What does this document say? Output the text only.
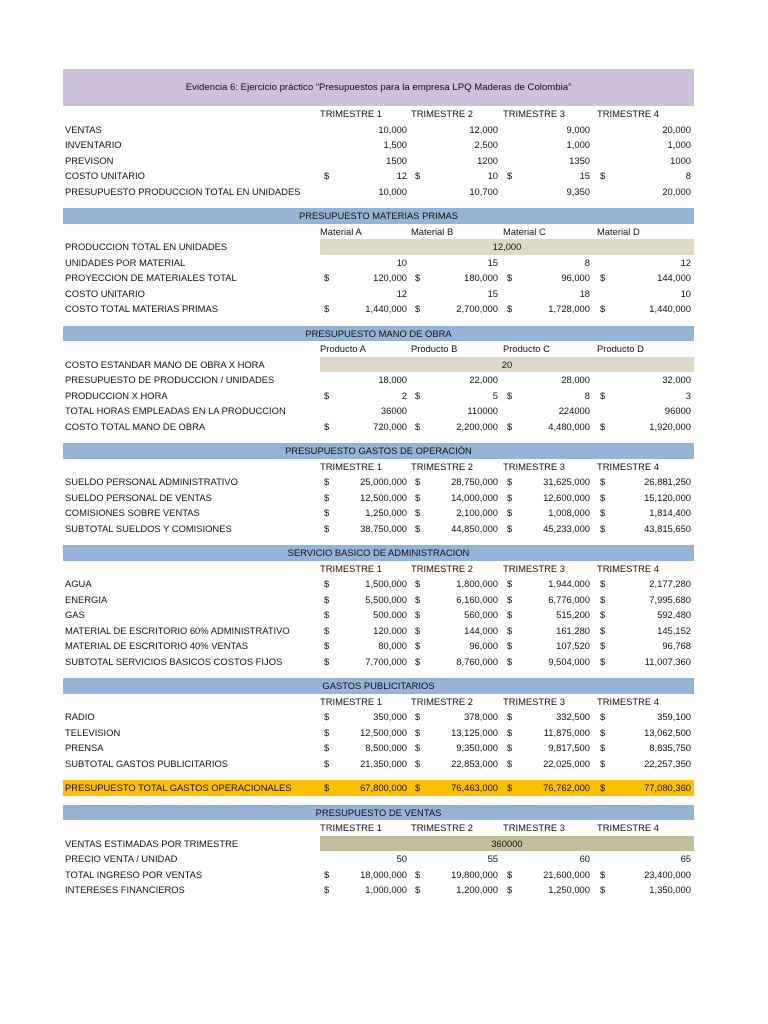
Evidencia 6: Ejercicio práctico “Presupuestos para la empresa LPQ Maderas de Colombia”
TRIMESTRE 1	TRIMESTRE 2	TRIMESTRE 3	TRIMESTRE 4
VENTAS	10,000	12,000	9,000	20,000
INVENTARIO	1,500	2,500	1,000	1,000
PREVISON	1500	1200	1350	1000
COSTO UNITARIO	$	12 $	10 $	15 $	8
PRESUPUESTO PRODUCCION TOTAL EN UNIDADES	10,000	10,700	9,350	20,000
PRESUPUESTO MATERIAS PRIMAS
Material A	Material B	Material C	Material D
PRODUCCION TOTAL EN UNIDADES	12,000
UNIDADES POR MATERIAL	10	15	8	12
PROYECCION DE MATERIALES TOTAL	$	120,000 $	180,000 $	96,000 $	144,000
COSTO UNITARIO	12	15	18	10
COSTO TOTAL MATERIAS PRIMAS	$	1,440,000 $	2,700,000 $	1,728,000 $	1,440,000
PRESUPUESTO MANO DE OBRA
Producto A	Producto B	Producto C	Producto D
COSTO ESTANDAR MANO DE OBRA X HORA	20
PRESUPUESTO DE PRODUCCION / UNIDADES	18,000	22,000	28,000	32,000
PRODUCCION X HORA	$	2 $	5 $	8 $	3
TOTAL HORAS EMPLEADAS EN LA PRODUCCION	36000	110000	224000	96000
COSTO TOTAL MANO DE OBRA	$	720,000 $	2,200,000 $	4,480,000 $	1,920,000
PRESUPUESTO GASTOS DE OPERACIÓN
TRIMESTRE 1	TRIMESTRE 2	TRIMESTRE 3	TRIMESTRE 4
SUELDO PERSONAL ADMINISTRATIVO	$	25,000,000 $	28,750,000 $	31,625,000 $	26,881,250
SUELDO PERSONAL DE VENTAS	$	12,500,000 $	14,000,000 $	12,600,000 $	15,120,000
COMISIONES SOBRE VENTAS	$	1,250,000 $	2,100,000 $	1,008,000 $	1,814,400
SUBTOTAL SUELDOS Y COMISIONES	$	38,750,000 $	44,850,000 $	45,233,000 $	43,815,650
SERVICIO BASICO DE ADMINISTRACION
TRIMESTRE 1	TRIMESTRE 2	TRIMESTRE 3	TRIMESTRE 4
AGUA	$	1,500,000 $	1,800,000 $	1,944,000 $	2,177,280
ENERGIA	$	5,500,000 $	6,160,000 $	6,776,000 $	7,995,680
GAS	$	500,000 $	560,000 $	515,200 $	592,480
MATERIAL DE ESCRITORIO 60% ADMINISTRATIVO	$	120,000 $	144,000 $	161,280 $	145,152
MATERIAL DE ESCRITORIO 40% VENTAS	$	80,000 $	96,000 $	107,520 $	96,768
SUBTOTAL SERVICIOS BASICOS COSTOS FIJOS	$	7,700,000 $	8,760,000 $	9,504,000 $	11,007,360
GASTOS PUBLICITARIOS
TRIMESTRE 1	TRIMESTRE 2	TRIMESTRE 3	TRIMESTRE 4
RADIO	$	350,000 $	378,000 $	332,500 $	359,100
TELEVISION	$	12,500,000 $	13,125,000 $	11,875,000 $	13,062,500
PRENSA	$	8,500,000 $	9,350,000 $	9,817,500 $	8,835,750
SUBTOTAL GASTOS PUBLICITARIOS	$	21,350,000 $	22,853,000 $	22,025,000 $	22,257,350
PRESUPUESTO TOTAL GASTOS OPERACIONALES	$	67,800,000 $	76,463,000 $	76,762,000 $	77,080,360
PRESUPUESTO DE VENTAS
TRIMESTRE 1	TRIMESTRE 2	TRIMESTRE 3	TRIMESTRE 4
VENTAS ESTIMADAS POR TRIMESTRE	360000
PRECIO VENTA / UNIDAD	50	55	60	65
TOTAL INGRESO POR VENTAS	$	18,000,000 $	19,800,000 $	21,600,000 $	23,400,000
INTERESES FINANCIEROS	$	1,000,000 $	1,200,000 $	1,250,000 $	1,350,000
